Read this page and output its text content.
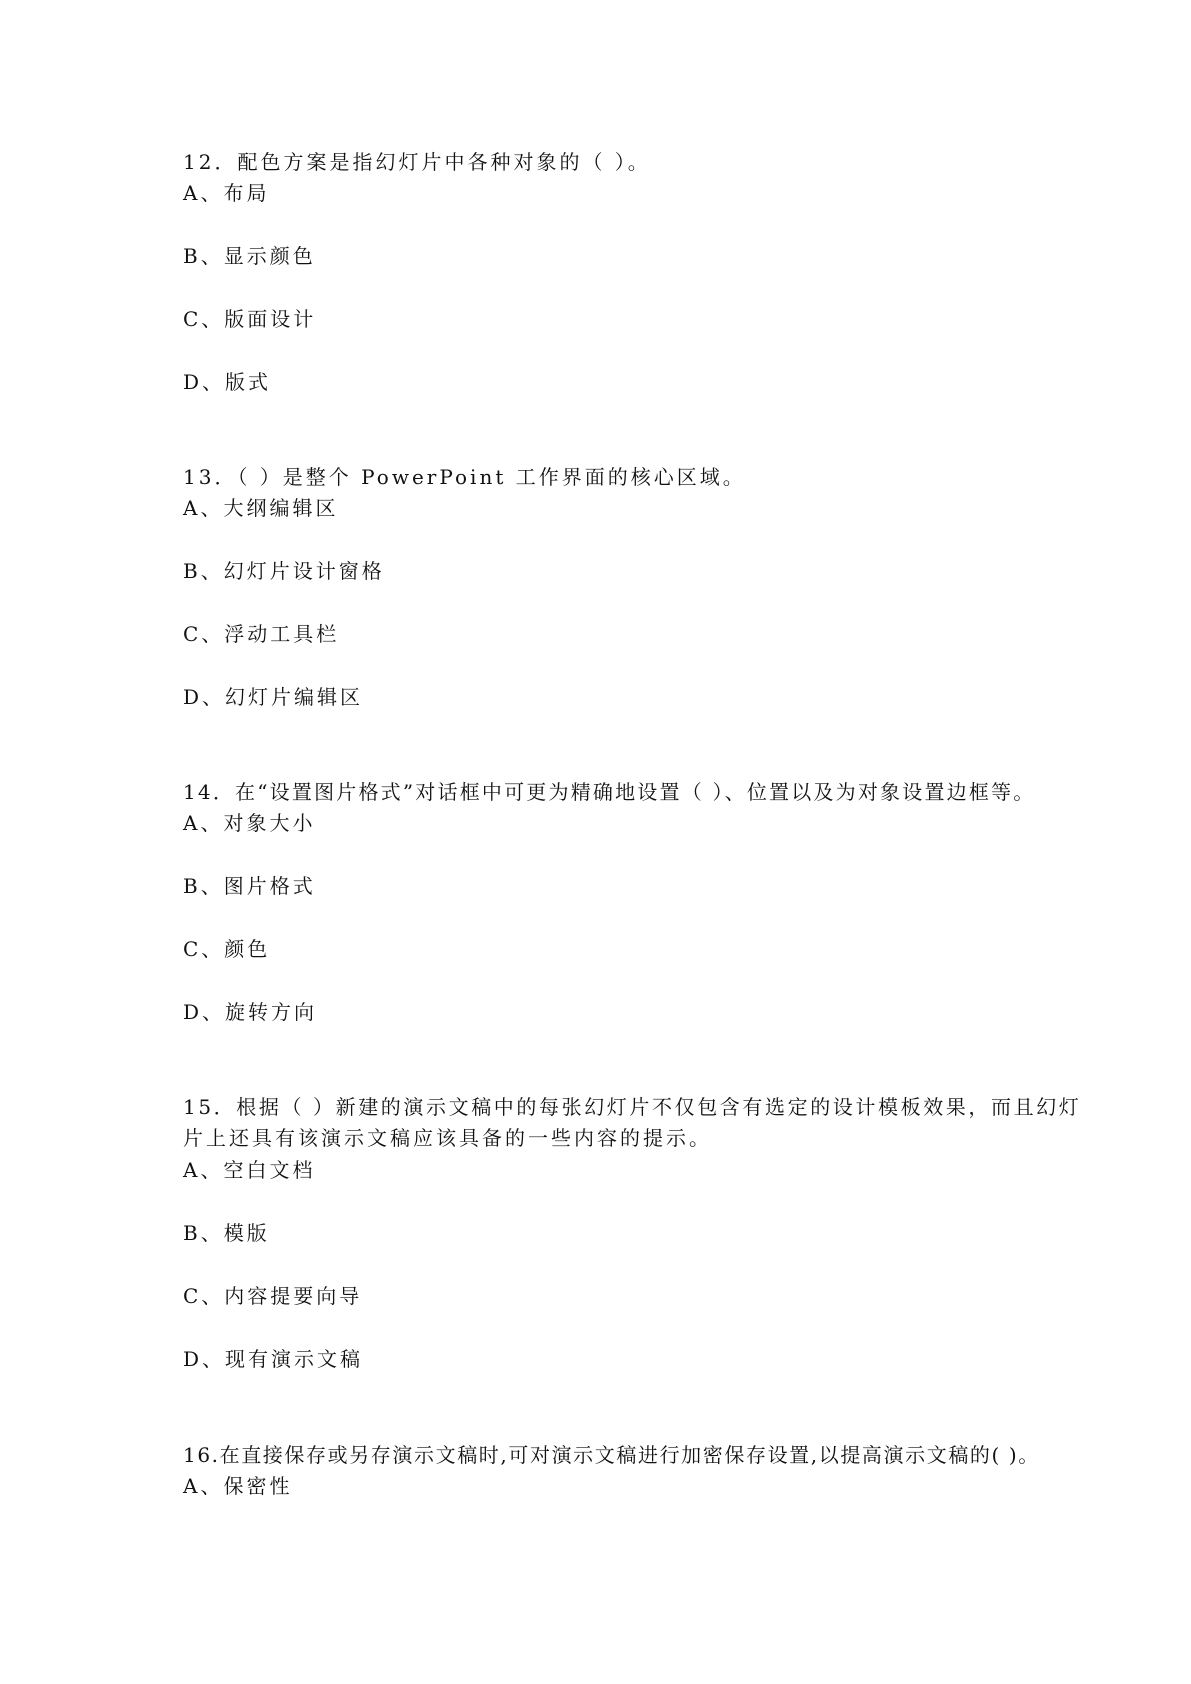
12．配色方案是指幻灯片中各种对象的（ ）。
A、布局
B、显示颜色
C、版面设计
D、版式
13．（ ）是整个 PowerPoint 工作界面的核心区域。
A、大纲编辑区
B、幻灯片设计窗格
C、浮动工具栏
D、幻灯片编辑区
14．在“设置图片格式”对话框中可更为精确地设置（ ）、位置以及为对象设置边框等。
A、对象大小
B、图片格式
C、颜色
D、旋转方向
15．根据（ ）新建的演示文稿中的每张幻灯片不仅包含有选定的设计模板效果，而且幻灯
片上还具有该演示文稿应该具备的一些内容的提示。
A、空白文档
B、模版
C、内容提要向导
D、现有演示文稿
16.在直接保存或另存演示文稿时,可对演示文稿进行加密保存设置,以提高演示文稿的( )。
A、保密性
